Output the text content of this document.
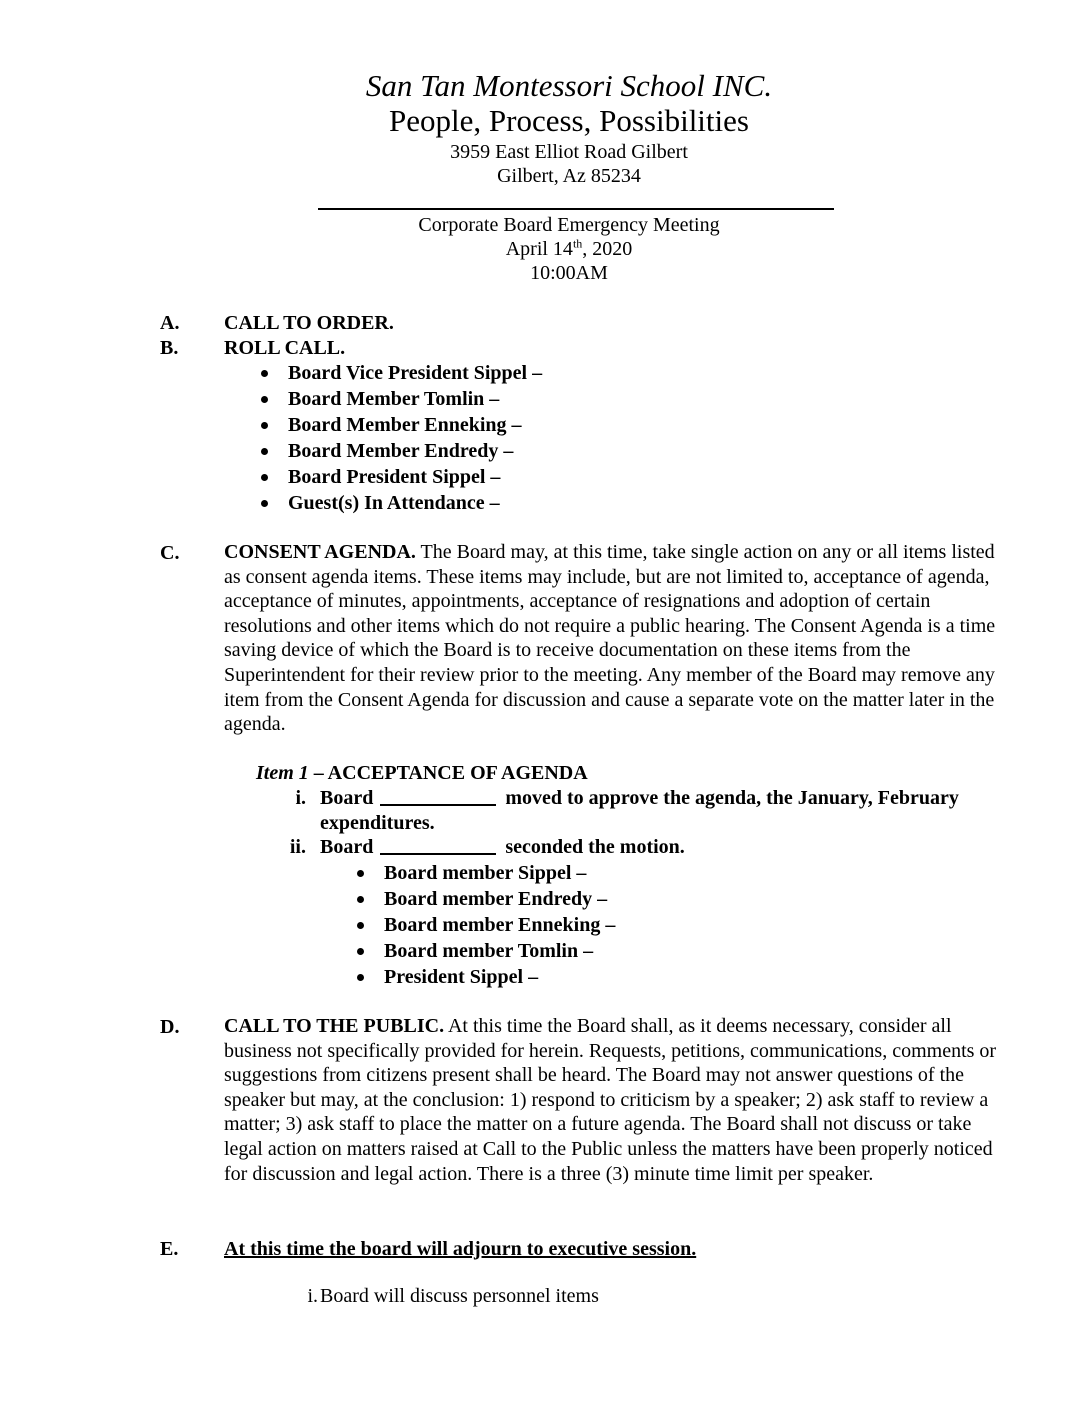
San Tan Montessori School INC.
People, Process, Possibilities
3959 East Elliot Road Gilbert
Gilbert, Az 85234
Corporate Board Emergency Meeting
April 14th, 2020
10:00AM
A. CALL TO ORDER.
B. ROLL CALL.
Board Vice President Sippel –
Board Member Tomlin –
Board Member Enneking –
Board Member Endredy –
Board President Sippel –
Guest(s) In Attendance –
C. CONSENT AGENDA. The Board may, at this time, take single action on any or all items listed as consent agenda items. These items may include, but are not limited to, acceptance of agenda, acceptance of minutes, appointments, acceptance of resignations and adoption of certain resolutions and other items which do not require a public hearing. The Consent Agenda is a time saving device of which the Board is to receive documentation on these items from the Superintendent for their review prior to the meeting. Any member of the Board may remove any item from the Consent Agenda for discussion and cause a separate vote on the matter later in the agenda.
Item 1 – ACCEPTANCE OF AGENDA
i. Board	moved to approve the agenda, the January, February expenditures.
ii. Board	seconded the motion.
Board member Sippel –
Board member Endredy –
Board member Enneking –
Board member Tomlin –
President Sippel –
D. CALL TO THE PUBLIC. At this time the Board shall, as it deems necessary, consider all business not specifically provided for herein. Requests, petitions, communications, comments or suggestions from citizens present shall be heard. The Board may not answer questions of the speaker but may, at the conclusion: 1) respond to criticism by a speaker; 2) ask staff to review a matter; 3) ask staff to place the matter on a future agenda. The Board shall not discuss or take legal action on matters raised at Call to the Public unless the matters have been properly noticed for discussion and legal action. There is a three (3) minute time limit per speaker.
E. At this time the board will adjourn to executive session.
i. Board will discuss personnel items
